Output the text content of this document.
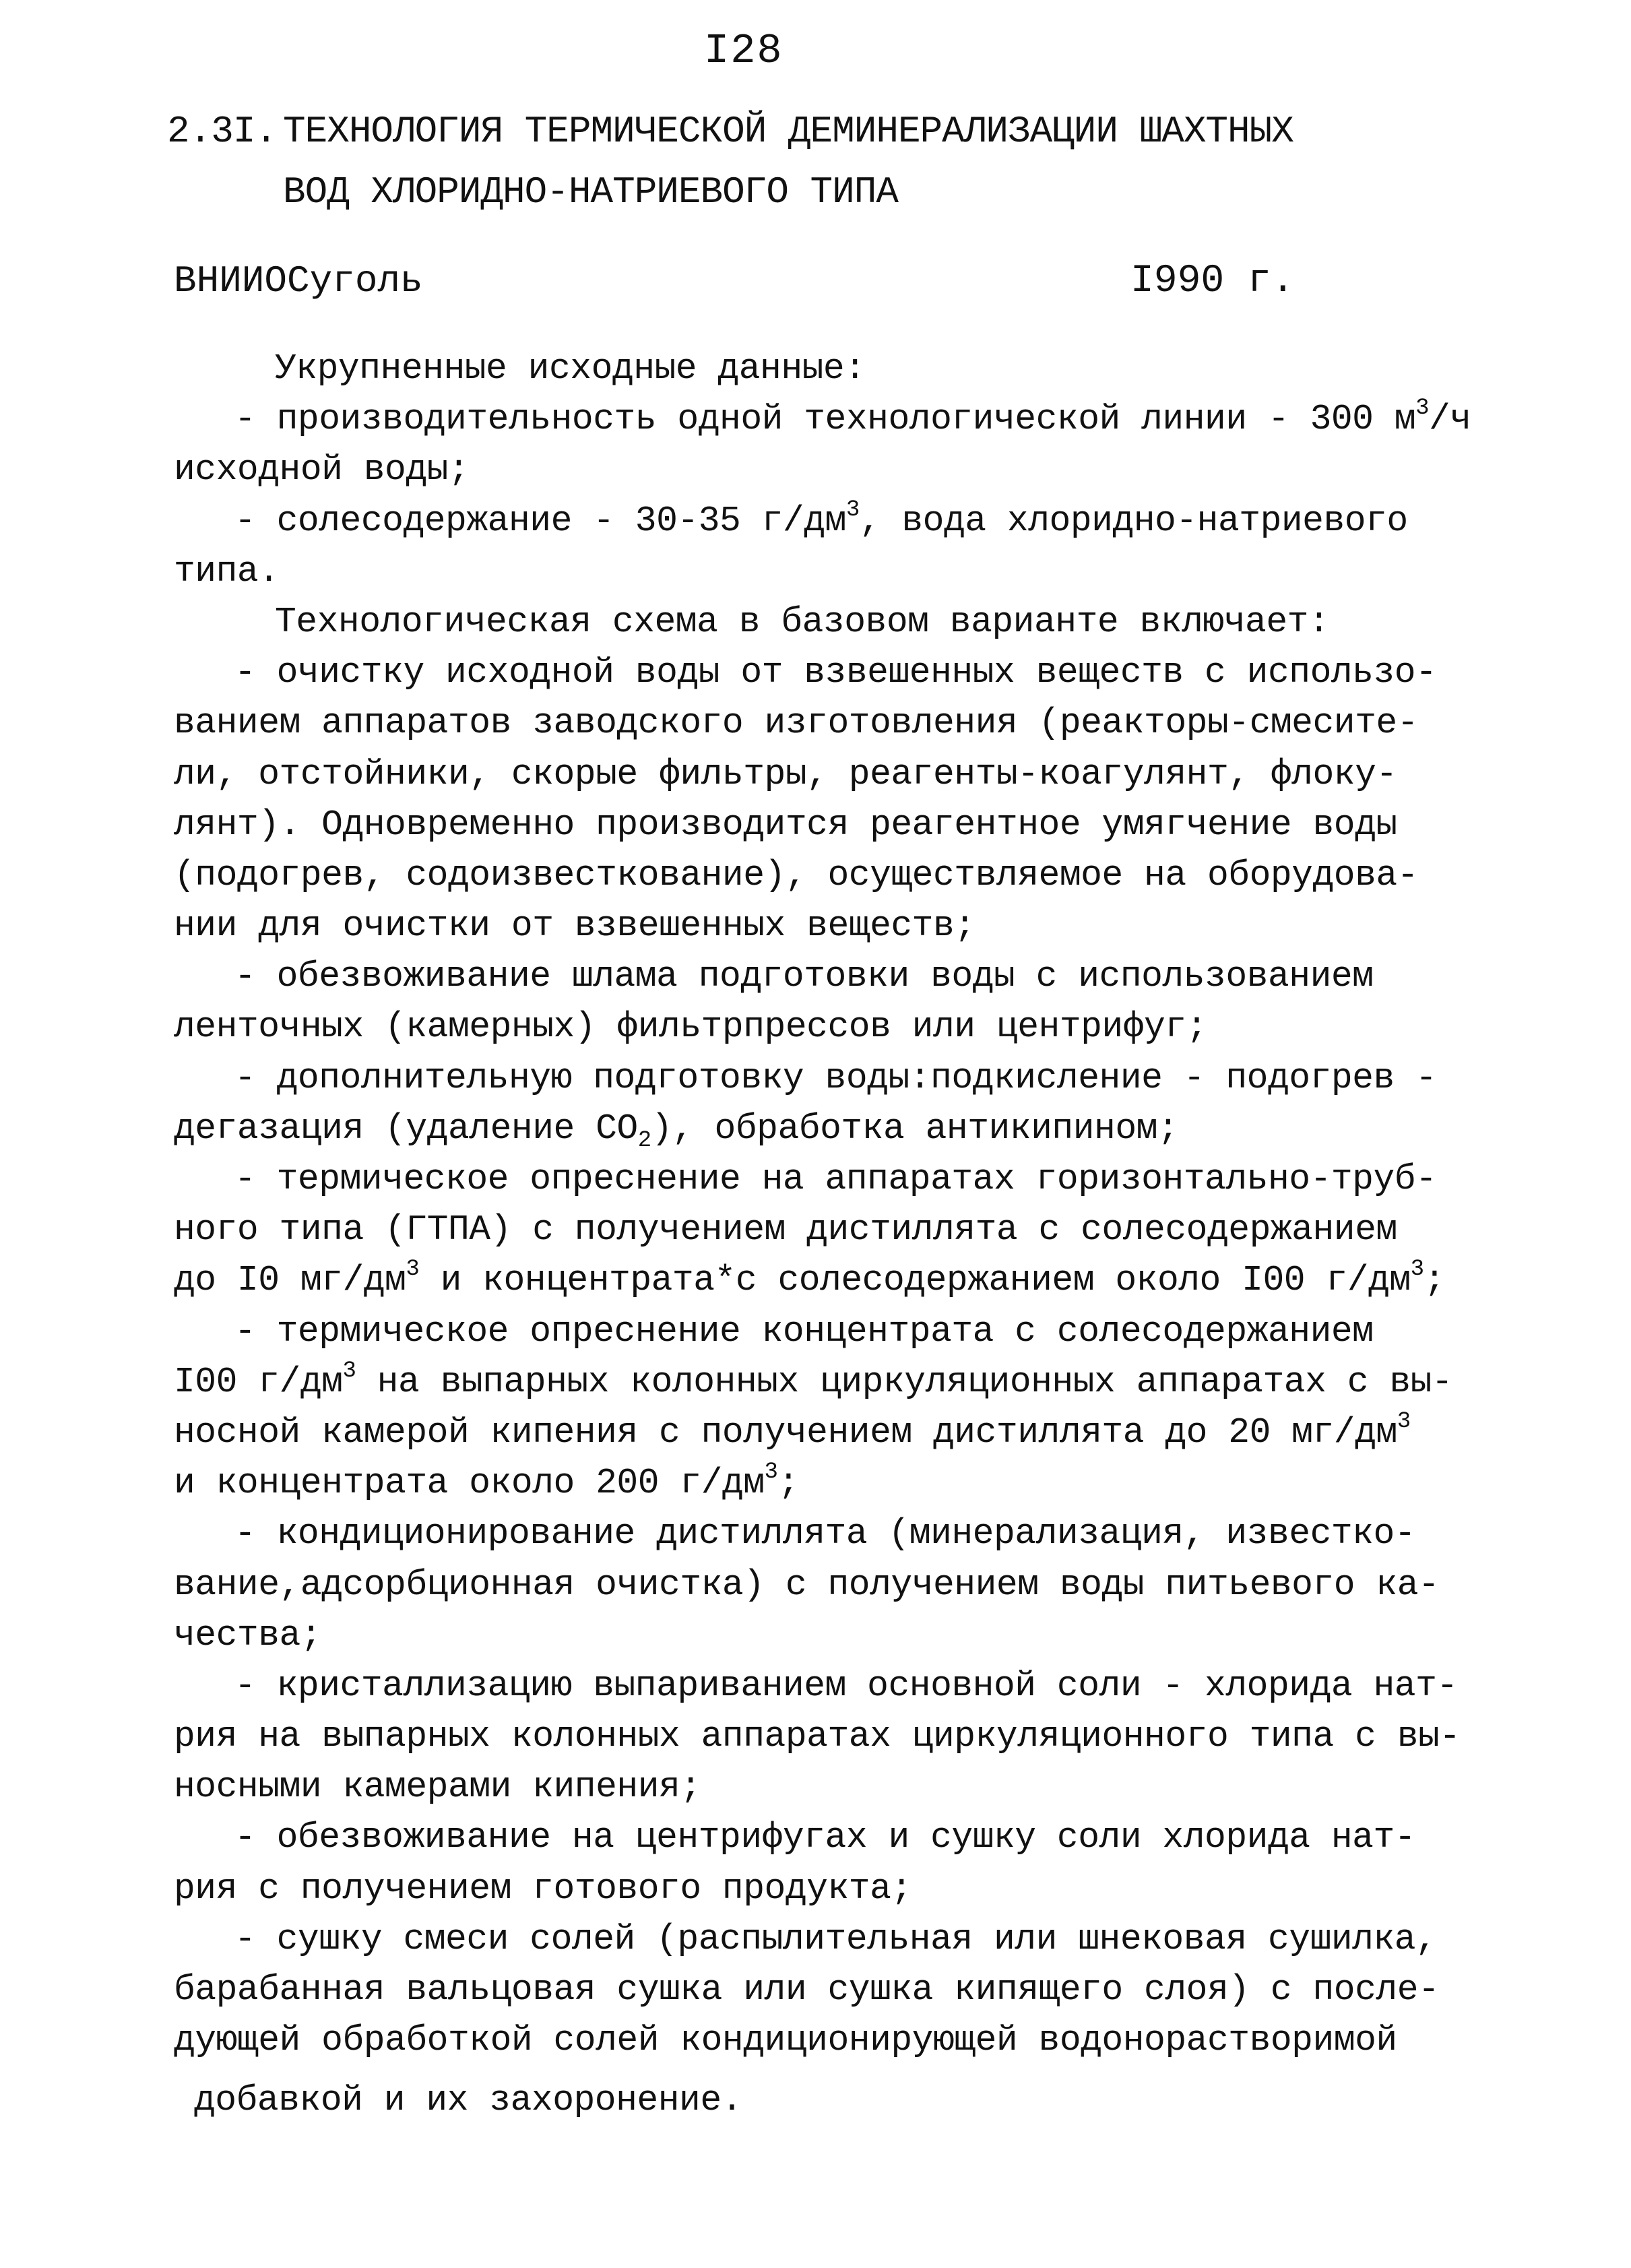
I28
2.3I. ТЕХНОЛОГИЯ ТЕРМИЧЕСКОЙ ДЕМИНЕРАЛИЗАЦИИ ШАХТНЫХ
ВОД ХЛОРИДНО-НАТРИЕВОГО ТИПА
ВНИИОСуголь	I990 г.
Укрупненные исходные данные:
- производительность одной технологической линии - 300 $м^3/ч$
исходной воды;
- солесодержание - 30-35 $г/дм^3$, вода хлоридно-натриевого
типа.
Технологическая схема в базовом варианте включает:
- очистку исходной воды от взвешенных веществ с использо-
ванием аппаратов заводского изготовления (реакторы-смесите-
ли, отстойники, скорые фильтры, реагенты-коагулянт, флоку-
лянт). Одновременно производится реагентное умягчение воды
(подогрев, содоизвесткование), осуществляемое на оборудова-
нии для очистки от взвешенных веществ;
- обезвоживание шлама подготовки воды с использованием
ленточных (камерных) фильтрпрессов или центрифуг;
- дополнительную подготовку воды:подкисление - подогрев -
дегазация (удаление $СО_2$), обработка антикипином;
- термическое опреснение на аппаратах горизонтально-труб-
ного типа (ГТПА) с получением дистиллята с солесодержанием
до I0 $мг/дм^3$ и концентрата*с солесодержанием около I00 $г/дм^3$;
- термическое опреснение концентрата с солесодержанием
I00 $г/дм^3$ на выпарных колонных циркуляционных аппаратах с вы-
носной камерой кипения с получением дистиллята до 20 $мг/дм^3$
и концентрата около 200 $г/дм^3$;
- кондиционирование дистиллята (минерализация, известко-
вание,адсорбционная очистка) с получением воды питьевого ка-
чества;
- кристаллизацию выпариванием основной соли - хлорида нат-
рия на выпарных колонных аппаратах циркуляционного типа с вы-
носными камерами кипения;
- обезвоживание на центрифугах и сушку соли хлорида нат-
рия с получением готового продукта;
- сушку смеси солей (распылительная или шнековая сушилка,
барабанная вальцовая сушка или сушка кипящего слоя) с после-
дующей обработкой солей кондиционирующей водонорастворимой
добавкой и их захоронение.
